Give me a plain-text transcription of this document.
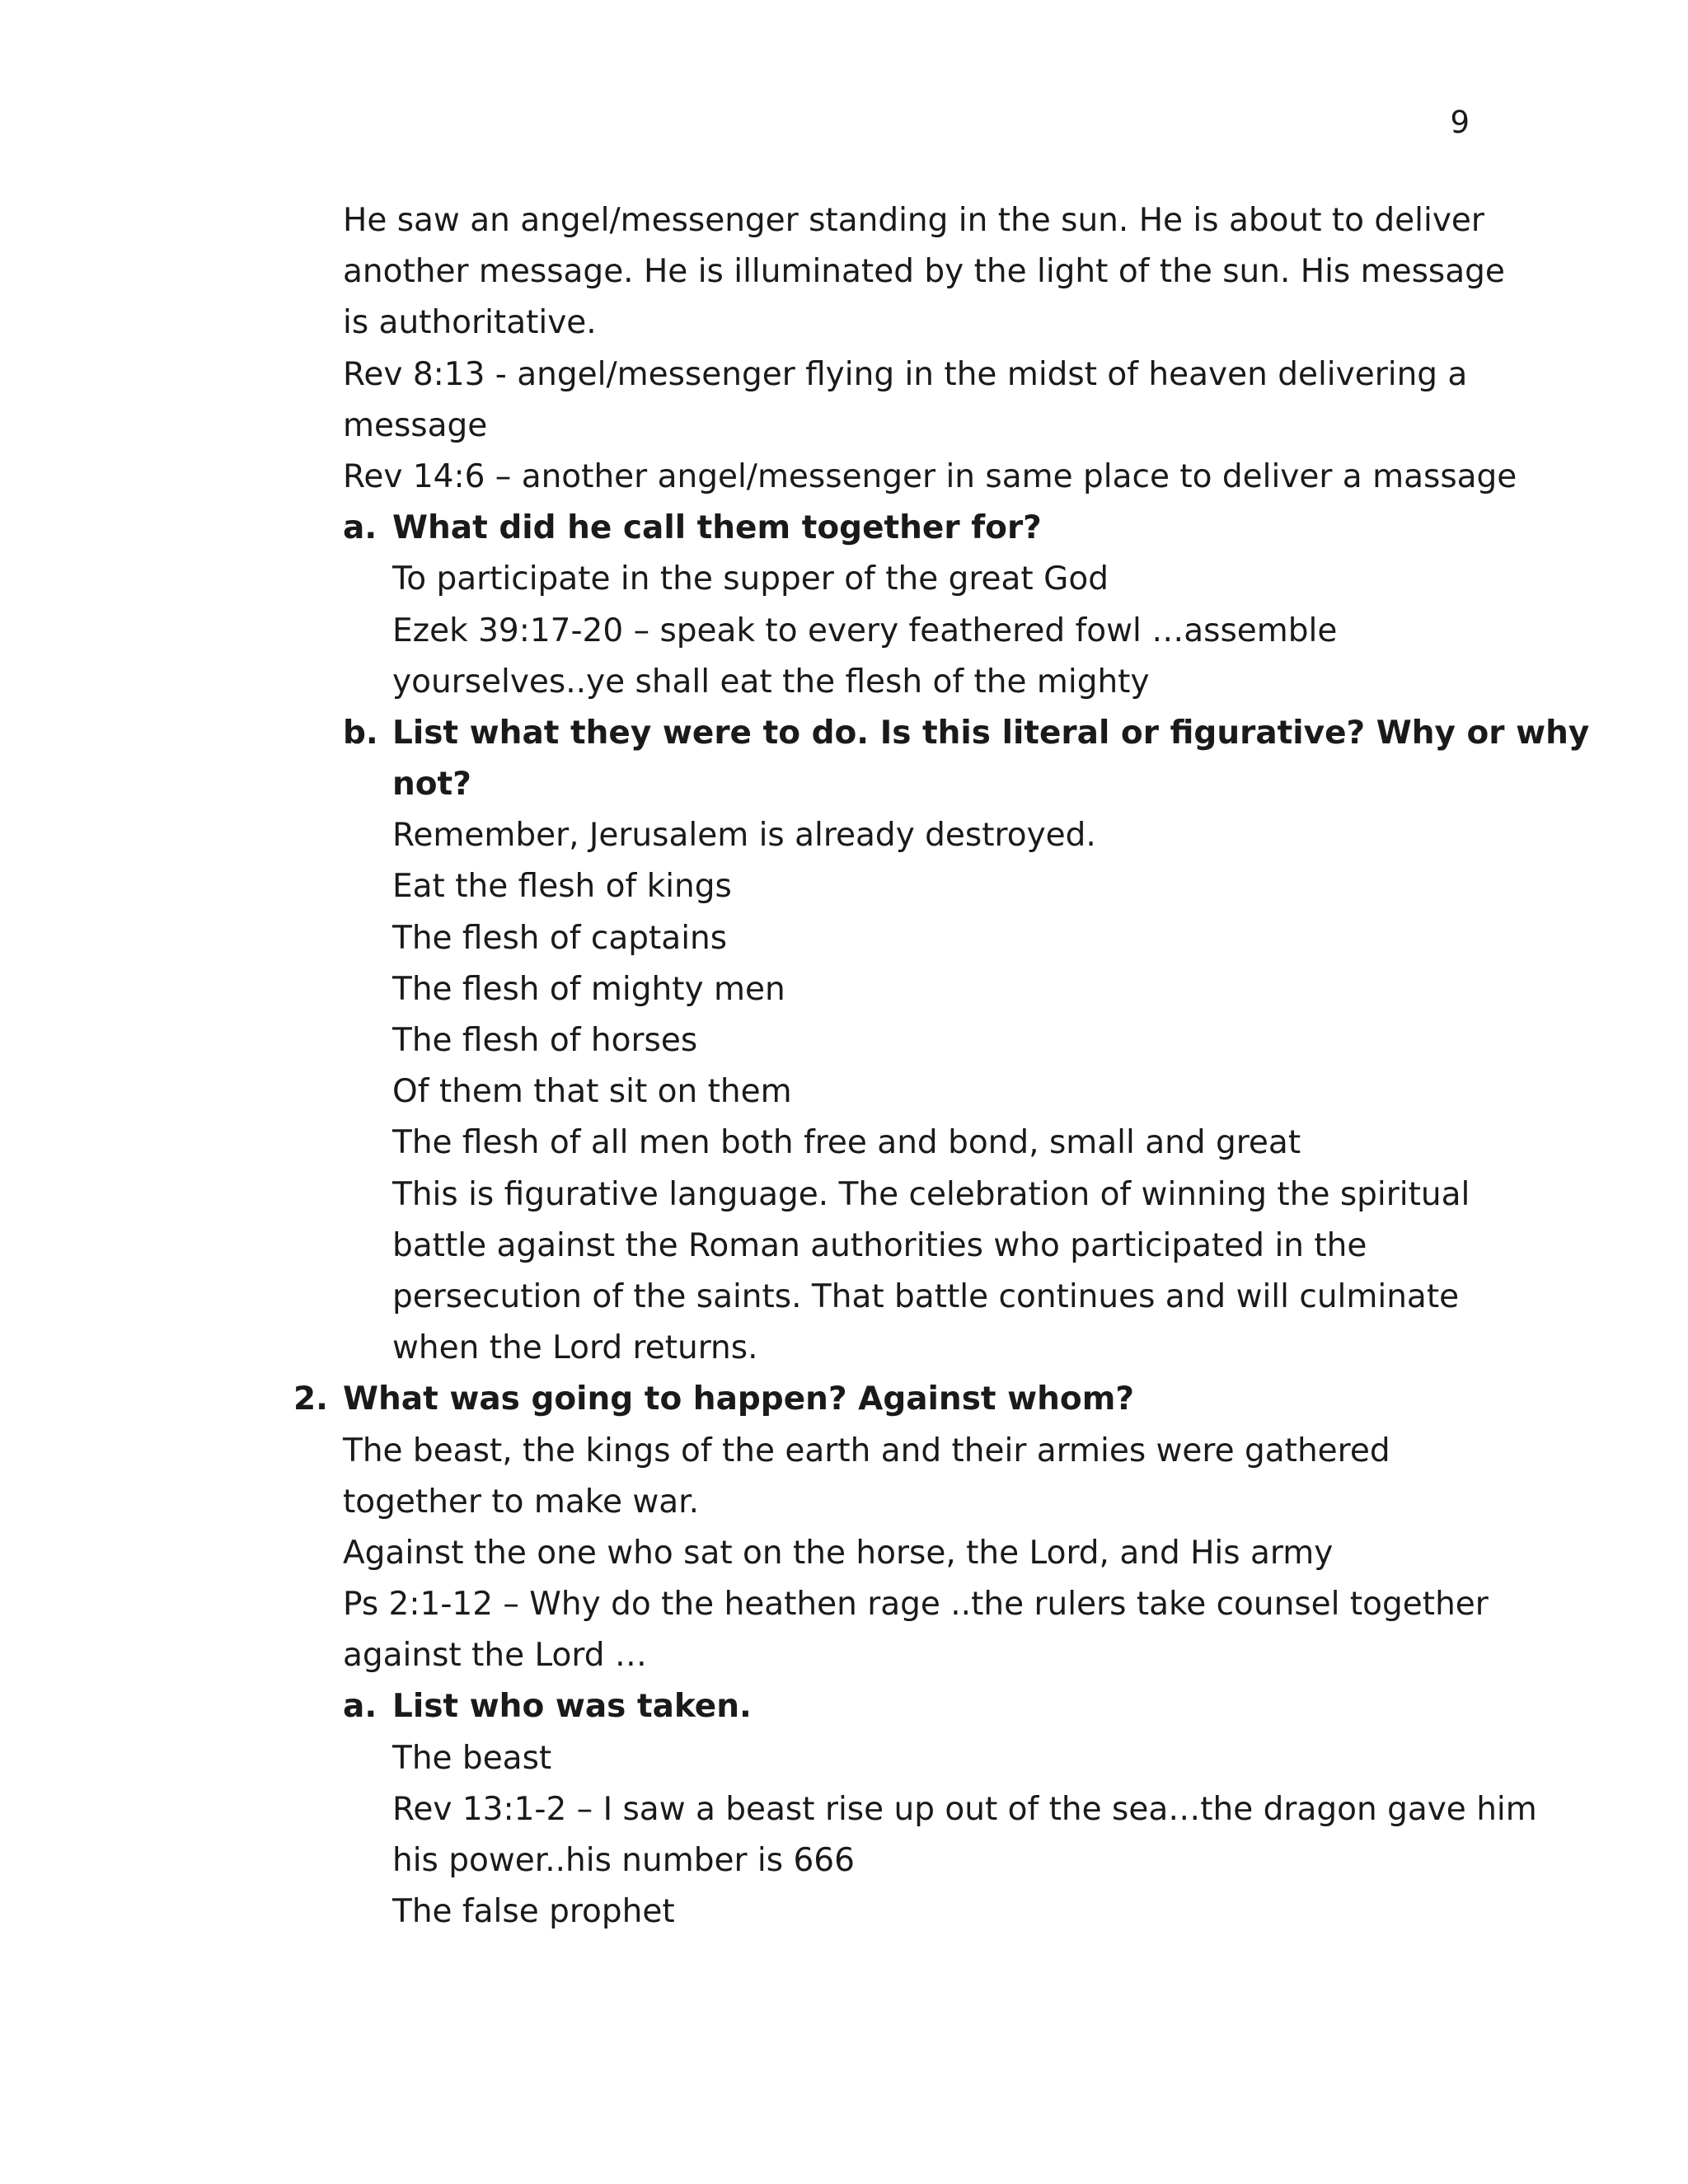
9
He saw an angel/messenger standing in the sun. He is about to deliver
another message. He is illuminated by the light of the sun. His message
is authoritative.
Rev 8:13 - angel/messenger flying in the midst of heaven delivering a
message
Rev 14:6 – another angel/messenger in same place to deliver a massage
a. What did he call them together for?
To participate in the supper of the great God
Ezek 39:17-20 – speak to every feathered fowl …assemble
yourselves..ye shall eat the flesh of the mighty
b. List what they were to do. Is this literal or figurative? Why or why
not?
Remember, Jerusalem is already destroyed.
Eat the flesh of kings
The flesh of captains
The flesh of mighty men
The flesh of horses
Of them that sit on them
The flesh of all men both free and bond, small and great
This is figurative language. The celebration of winning the spiritual
battle against the Roman authorities who participated in the
persecution of the saints. That battle continues and will culminate
when the Lord returns.
2. What was going to happen? Against whom?
The beast, the kings of the earth and their armies were gathered
together to make war.
Against the one who sat on the horse, the Lord, and His army
Ps 2:1-12 – Why do the heathen rage ..the rulers take counsel together
against the Lord …
a. List who was taken.
The beast
Rev 13:1-2 – I saw a beast rise up out of the sea…the dragon gave him
his power..his number is 666
The false prophet
